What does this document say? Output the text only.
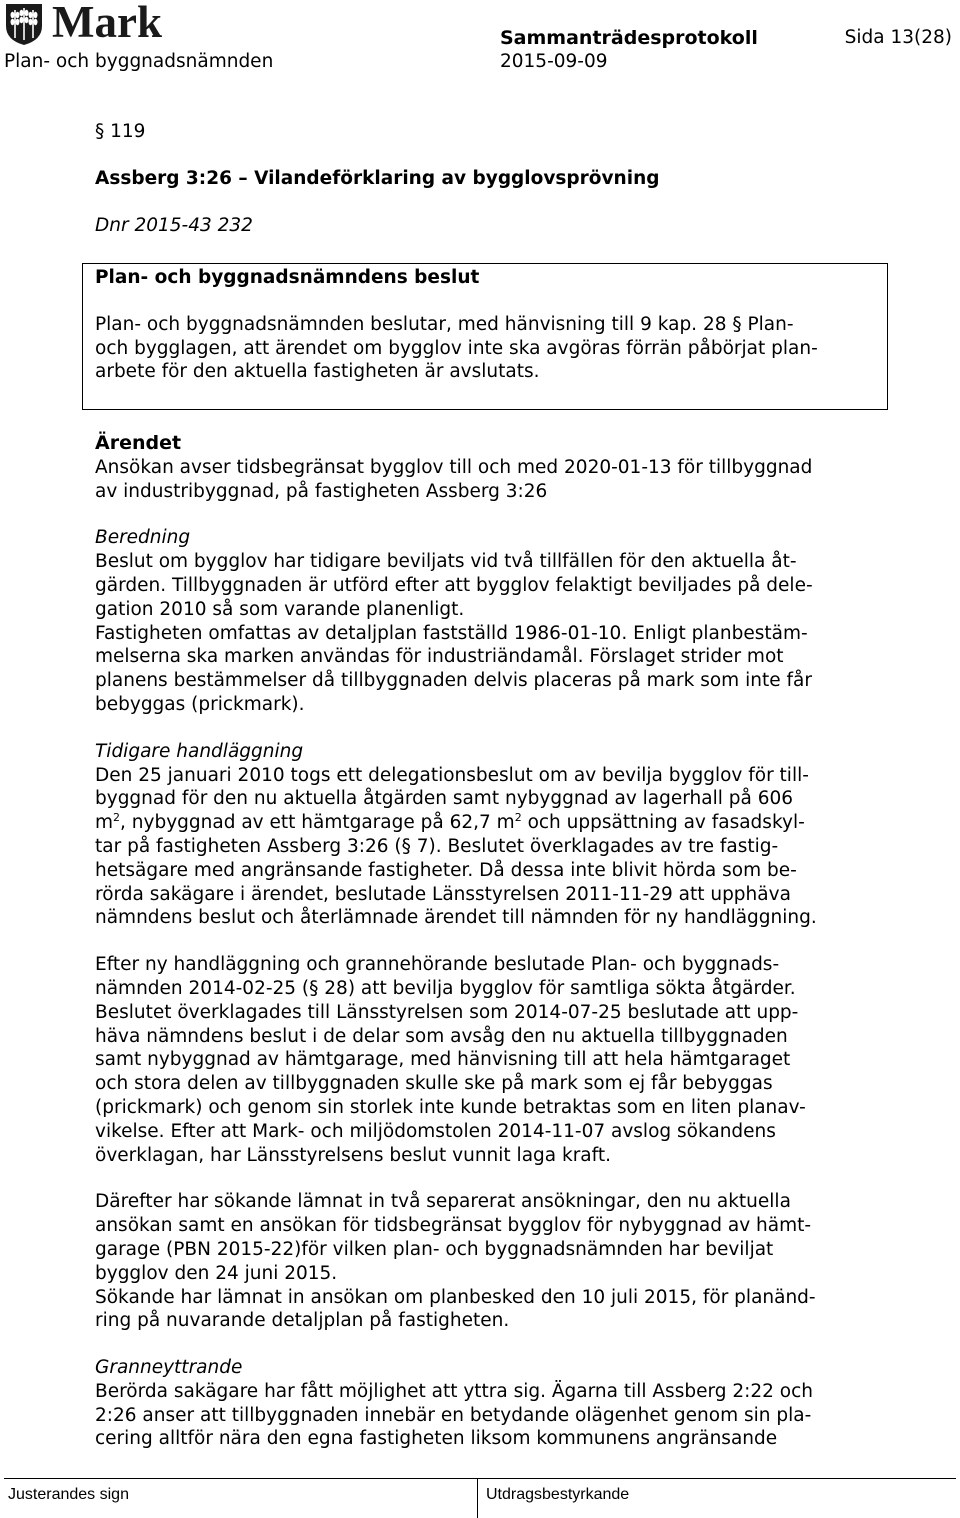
Mark
Plan- och byggnadsnämnden
Sammanträdesprotokoll
2015-09-09
Sida 13(28)

§ 119

Assberg 3:26 – Vilandeförklaring av bygglovsprövning

Dnr 2015-43 232

Plan- och byggnadsnämndens beslut

Plan- och byggnadsnämnden beslutar, med hänvisning till 9 kap. 28 § Plan-

och bygglagen, att ärendet om bygglov inte ska avgöras förrän påbörjat plan-

arbete för den aktuella fastigheten är avslutats.

Ärendet

Ansökan avser tidsbegränsat bygglov till och med 2020-01-13 för tillbyggnad

av industribyggnad, på fastigheten Assberg 3:26

Beredning

Beslut om bygglov har tidigare beviljats vid två tillfällen för den aktuella åt-

gärden. Tillbyggnaden är utförd efter att bygglov felaktigt beviljades på dele-

gation 2010 så som varande planenligt.

Fastigheten omfattas av detaljplan fastställd 1986-01-10. Enligt planbestäm-

melserna ska marken användas för industriändamål. Förslaget strider mot

planens bestämmelser då tillbyggnaden delvis placeras på mark som inte får

bebyggas (prickmark).

Tidigare handläggning

Den 25 januari 2010 togs ett delegationsbeslut om av bevilja bygglov för till-

byggnad för den nu aktuella åtgärden samt nybyggnad av lagerhall på 606

$m^2$, nybyggnad av ett hämtgarage på 62,7 $m^2$ och uppsättning av fasadskyl-

tar på fastigheten Assberg 3:26 (§ 7). Beslutet överklagades av tre fastig-

hetsägare med angränsande fastigheter. Då dessa inte blivit hörda som be-

rörda sakägare i ärendet, beslutade Länsstyrelsen 2011-11-29 att upphäva

nämndens beslut och återlämnade ärendet till nämnden för ny handläggning.

Efter ny handläggning och grannehörande beslutade Plan- och byggnads-

nämnden 2014-02-25 (§ 28) att bevilja bygglov för samtliga sökta åtgärder.

Beslutet överklagades till Länsstyrelsen som 2014-07-25 beslutade att upp-

häva nämndens beslut i de delar som avsåg den nu aktuella tillbyggnaden

samt nybyggnad av hämtgarage, med hänvisning till att hela hämtgaraget

och stora delen av tillbyggnaden skulle ske på mark som ej får bebyggas

(prickmark) och genom sin storlek inte kunde betraktas som en liten planav-

vikelse. Efter att Mark- och miljödomstolen 2014-11-07 avslog sökandens

överklagan, har Länsstyrelsens beslut vunnit laga kraft.

Därefter har sökande lämnat in två separerat ansökningar, den nu aktuella

ansökan samt en ansökan för tidsbegränsat bygglov för nybyggnad av hämt-

garage (PBN 2015-22)för vilken plan- och byggnadsnämnden har beviljat

bygglov den 24 juni 2015.

Sökande har lämnat in ansökan om planbesked den 10 juli 2015, för planänd-

ring på nuvarande detaljplan på fastigheten.

Granneyttrande

Berörda sakägare har fått möjlighet att yttra sig. Ägarna till Assberg 2:22 och

2:26 anser att tillbyggnaden innebär en betydande olägenhet genom sin pla-

cering alltför nära den egna fastigheten liksom kommunens angränsande

Justerandes sign	Utdragsbestyrkande
